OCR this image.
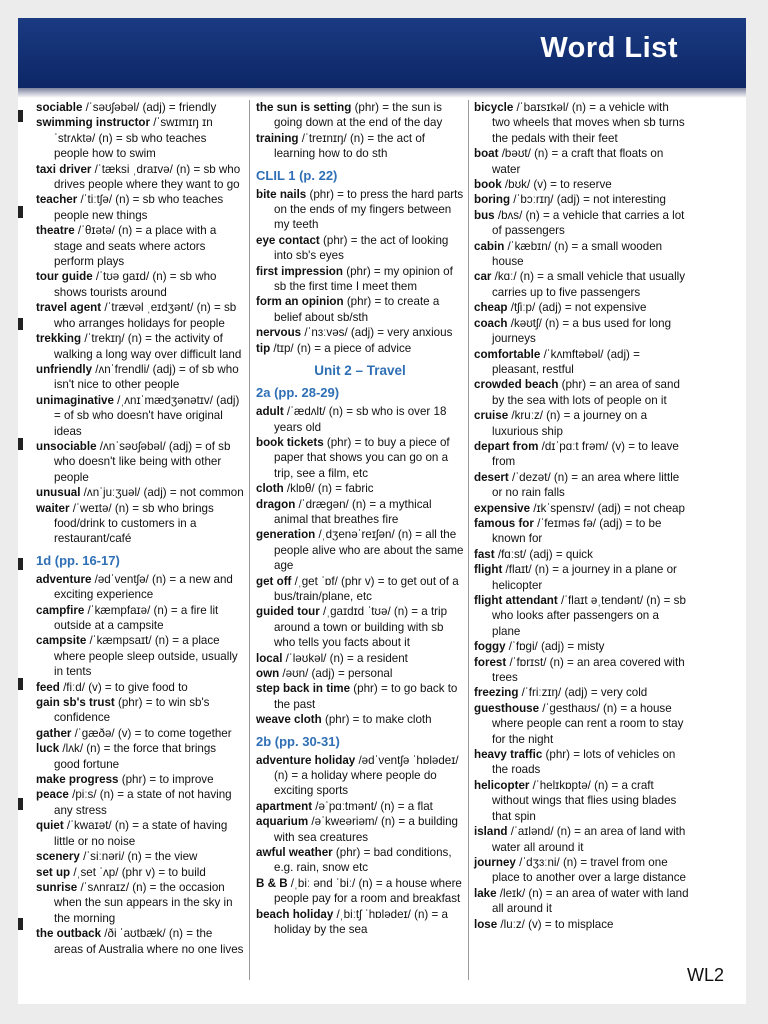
Word List
sociable /ˈsəʊʃəbəl/ (adj) = friendly
swimming instructor /ˈswɪmɪŋ ɪnˈstrʌktə/ (n) = sb who teaches people how to swim
taxi driver /ˈtæksi ˌdraɪvə/ (n) = sb who drives people where they want to go
teacher /ˈtiːtʃə/ (n) = sb who teaches people new things
theatre /ˈθɪətə/ (n) = a place with a stage and seats where actors perform plays
tour guide /ˈtʊə gaɪd/ (n) = sb who shows tourists around
travel agent /ˈtrævəl ˌeɪdʒənt/ (n) = sb who arranges holidays for people
trekking /ˈtrekɪŋ/ (n) = the activity of walking a long way over difficult land
unfriendly /ʌnˈfrendli/ (adj) = of sb who isn't nice to other people
unimaginative /ˌʌnɪˈmædʒənətɪv/ (adj) = of sb who doesn't have original ideas
unsociable /ʌnˈsəʊʃəbəl/ (adj) = of sb who doesn't like being with other people
unusual /ʌnˈjuːʒuəl/ (adj) = not common
waiter /ˈweɪtə/ (n) = sb who brings food/drink to customers in a restaurant/café
1d (pp. 16-17)
adventure /ədˈventʃə/ (n) = a new and exciting experience
campfire /ˈkæmpfaɪə/ (n) = a fire lit outside at a campsite
campsite /ˈkæmpsaɪt/ (n) = a place where people sleep outside, usually in tents
feed /fiːd/ (v) = to give food to
gain sb's trust (phr) = to win sb's confidence
gather /ˈgæðə/ (v) = to come together
luck /lʌk/ (n) = the force that brings good fortune
make progress (phr) = to improve
peace /piːs/ (n) = a state of not having any stress
quiet /ˈkwaɪət/ (n) = a state of having little or no noise
scenery /ˈsiːnəri/ (n) = the view
set up /ˌset ˈʌp/ (phr v) = to build
sunrise /ˈsʌnraɪz/ (n) = the occasion when the sun appears in the sky in the morning
the outback /ði ˈaʊtbæk/ (n) = the areas of Australia where no one lives
the sun is setting (phr) = the sun is going down at the end of the day
training /ˈtreɪnɪŋ/ (n) = the act of learning how to do sth
CLIL 1 (p. 22)
bite nails (phr) = to press the hard parts on the ends of my fingers between my teeth
eye contact (phr) = the act of looking into sb's eyes
first impression (phr) = my opinion of sb the first time I meet them
form an opinion (phr) = to create a belief about sb/sth
nervous /ˈnɜːvəs/ (adj) = very anxious
tip /tɪp/ (n) = a piece of advice
Unit 2 – Travel
2a (pp. 28-29)
adult /ˈædʌlt/ (n) = sb who is over 18 years old
book tickets (phr) = to buy a piece of paper that shows you can go on a trip, see a film, etc
cloth /klɒθ/ (n) = fabric
dragon /ˈdrægən/ (n) = a mythical animal that breathes fire
generation /ˌdʒenəˈreɪʃən/ (n) = all the people alive who are about the same age
get off /ˌget ˈɒf/ (phr v) = to get out of a bus/train/plane, etc
guided tour /ˌgaɪdɪd ˈtʊə/ (n) = a trip around a town or building with sb who tells you facts about it
local /ˈləʊkəl/ (n) = a resident
own /əʊn/ (adj) = personal
step back in time (phr) = to go back to the past
weave cloth (phr) = to make cloth
2b (pp. 30-31)
adventure holiday /ədˈventʃə ˈhɒlədeɪ/ (n) = a holiday where people do exciting sports
apartment /əˈpɑːtmənt/ (n) = a flat
aquarium /əˈkweəriəm/ (n) = a building with sea creatures
awful weather (phr) = bad conditions, e.g. rain, snow etc
B & B /ˌbiː ənd ˈbiː/ (n) = a house where people pay for a room and breakfast
beach holiday /ˌbiːtʃ ˈhɒlədeɪ/ (n) = a holiday by the sea
bicycle /ˈbaɪsɪkəl/ (n) = a vehicle with two wheels that moves when sb turns the pedals with their feet
boat /bəʊt/ (n) = a craft that floats on water
book /bʊk/ (v) = to reserve
boring /ˈbɔːrɪŋ/ (adj) = not interesting
bus /bʌs/ (n) = a vehicle that carries a lot of passengers
cabin /ˈkæbɪn/ (n) = a small wooden house
car /kɑː/ (n) = a small vehicle that usually carries up to five passengers
cheap /tʃiːp/ (adj) = not expensive
coach /kəʊtʃ/ (n) = a bus used for long journeys
comfortable /ˈkʌmftəbəl/ (adj) = pleasant, restful
crowded beach (phr) = an area of sand by the sea with lots of people on it
cruise /kruːz/ (n) = a journey on a luxurious ship
depart from /dɪˈpɑːt frəm/ (v) = to leave from
desert /ˈdezət/ (n) = an area where little or no rain falls
expensive /ɪkˈspensɪv/ (adj) = not cheap
famous for /ˈfeɪməs fə/ (adj) = to be known for
fast /fɑːst/ (adj) = quick
flight /flaɪt/ (n) = a journey in a plane or helicopter
flight attendant /ˈflaɪt əˌtendənt/ (n) = sb who looks after passengers on a plane
foggy /ˈfɒgi/ (adj) = misty
forest /ˈfɒrɪst/ (n) = an area covered with trees
freezing /ˈfriːzɪŋ/ (adj) = very cold
guesthouse /ˈgesthaʊs/ (n) = a house where people can rent a room to stay for the night
heavy traffic (phr) = lots of vehicles on the roads
helicopter /ˈhelɪkɒptə/ (n) = a craft without wings that flies using blades that spin
island /ˈaɪlənd/ (n) = an area of land with water all around it
journey /ˈdʒɜːni/ (n) = travel from one place to another over a large distance
lake /leɪk/ (n) = an area of water with land all around it
lose /luːz/ (v) = to misplace
WL2
